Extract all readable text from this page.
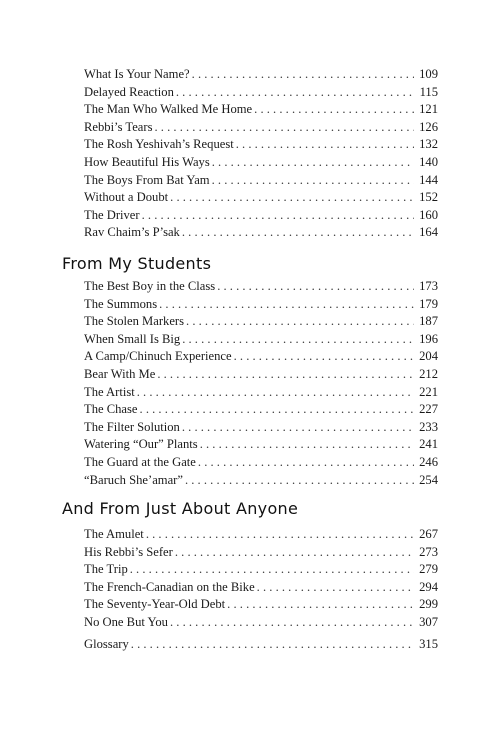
What Is Your Name? . . .	109
Delayed Reaction . . .	115
The Man Who Walked Me Home . . .	121
Rebbi’s Tears . . .	126
The Rosh Yeshivah’s Request . . .	132
How Beautiful His Ways . . .	140
The Boys From Bat Yam . . .	144
Without a Doubt . . .	152
The Driver . . .	160
Rav Chaim’s P’sak . . .	164
From My Students
The Best Boy in the Class . . .	173
The Summons . . .	179
The Stolen Markers . . .	187
When Small Is Big . . .	196
A Camp/Chinuch Experience . . .	204
Bear With Me . . .	212
The Artist . . .	221
The Chase . . .	227
The Filter Solution . . .	233
Watering “Our” Plants . . .	241
The Guard at the Gate . . .	246
“Baruch She’amar” . . .	254
And From Just About Anyone
The Amulet . . .	267
His Rebbi’s Sefer . . .	273
The Trip . . .	279
The French-Canadian on the Bike . . .	294
The Seventy-Year-Old Debt . . .	299
No One But You . . .	307
Glossary . . .	315
